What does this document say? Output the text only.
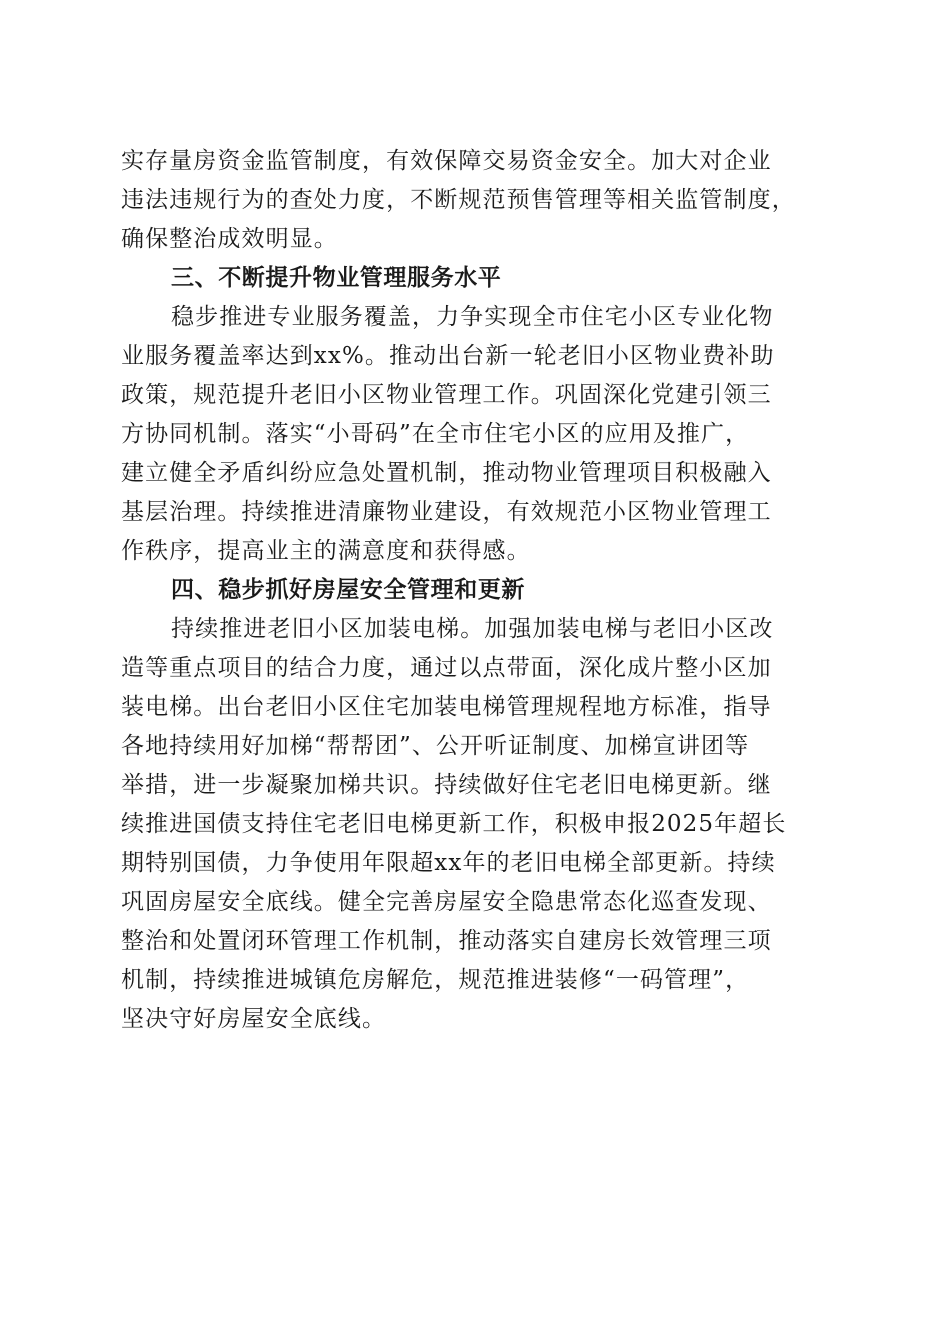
实存量房资金监管制度，有效保障交易资金安全。加大对企业

违法违规行为的查处力度，不断规范预售管理等相关监管制度，

确保整治成效明显。

三、不断提升物业管理服务水平

稳步推进专业服务覆盖，力争实现全市住宅小区专业化物

业服务覆盖率达到xx%。推动出台新一轮老旧小区物业费补助

政策，规范提升老旧小区物业管理工作。巩固深化党建引领三

方协同机制。落实“小哥码”在全市住宅小区的应用及推广，

建立健全矛盾纠纷应急处置机制，推动物业管理项目积极融入

基层治理。持续推进清廉物业建设，有效规范小区物业管理工

作秩序，提高业主的满意度和获得感。

四、稳步抓好房屋安全管理和更新

持续推进老旧小区加装电梯。加强加装电梯与老旧小区改

造等重点项目的结合力度，通过以点带面，深化成片整小区加

装电梯。出台老旧小区住宅加装电梯管理规程地方标准，指导

各地持续用好加梯“帮帮团”、公开听证制度、加梯宣讲团等

举措，进一步凝聚加梯共识。持续做好住宅老旧电梯更新。继

续推进国债支持住宅老旧电梯更新工作，积极申报2025年超长

期特别国债，力争使用年限超xx年的老旧电梯全部更新。持续

巩固房屋安全底线。健全完善房屋安全隐患常态化巡查发现、

整治和处置闭环管理工作机制，推动落实自建房长效管理三项

机制，持续推进城镇危房解危，规范推进装修“一码管理”，

坚决守好房屋安全底线。
